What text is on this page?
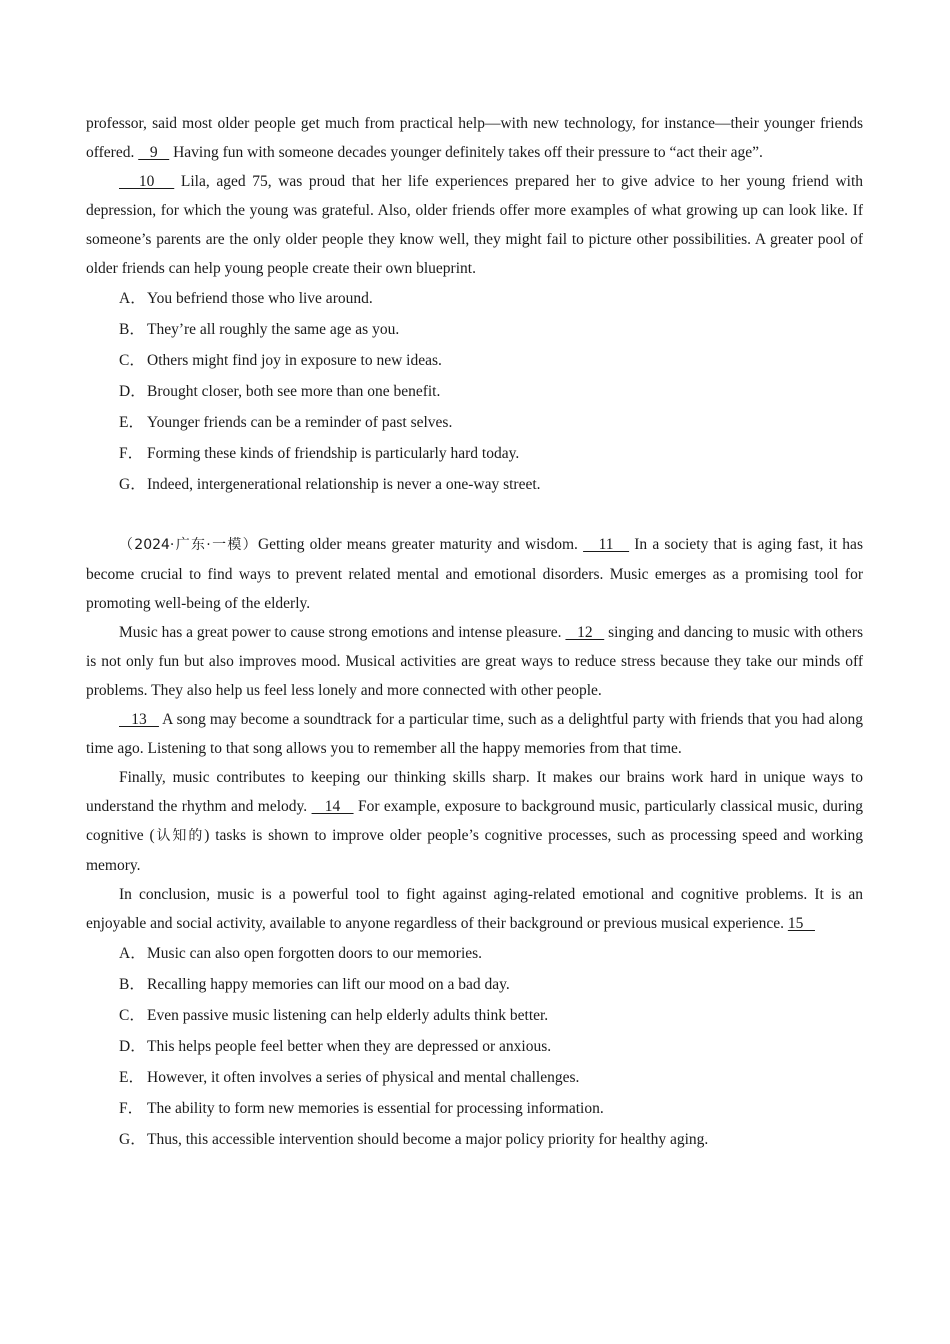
professor, said most older people get much from practical help—with new technology, for instance—their younger friends offered.    9    Having fun with someone decades younger definitely takes off their pressure to “act their age”.

10    Lila, aged 75, was proud that her life experiences prepared her to give advice to her young friend with depression, for which the young was grateful. Also, older friends offer more examples of what growing up can look like. If someone’s parents are the only older people they know well, they might fail to picture other possibilities. A greater pool of older friends can help young people create their own blueprint.

A．You befriend those who live around.
B． They’re all roughly the same age as you.
C． Others might find joy in exposure to new ideas.
D．Brought closer, both see more than one benefit.
E． Younger friends can be a reminder of past selves.
F． Forming these kinds of friendship is particularly hard today.
G．Indeed, intergenerational relationship is never a one-way street.

（2024·广东·一模）Getting older means greater maturity and wisdom.    11    In a society that is aging fast, it has become crucial to find ways to prevent related mental and emotional disorders. Music emerges as a promising tool for promoting well-being of the elderly.

Music has a great power to cause strong emotions and intense pleasure.    12    singing and dancing to music with others is not only fun but also improves mood. Musical activities are great ways to reduce stress because they take our minds off problems. They also help us feel less lonely and more connected with other people.

13    A song may become a soundtrack for a particular time, such as a delightful party with friends that you had along time ago. Listening to that song allows you to remember all the happy memories from that time.

Finally, music contributes to keeping our thinking skills sharp. It makes our brains work hard in unique ways to understand the rhythm and melody.    14    For example, exposure to background music, particularly classical music, during cognitive (认知的) tasks is shown to improve older people’s cognitive processes, such as processing speed and working memory.

In conclusion, music is a powerful tool to fight against aging-related emotional and cognitive problems. It is an enjoyable and social activity, available to anyone regardless of their background or previous musical experience. 15

A．Music can also open forgotten doors to our memories.
B． Recalling happy memories can lift our mood on a bad day.
C． Even passive music listening can help elderly adults think better.
D．This helps people feel better when they are depressed or anxious.
E． However, it often involves a series of physical and mental challenges.
F． The ability to form new memories is essential for processing information.
G．Thus, this accessible intervention should become a major policy priority for healthy aging.
